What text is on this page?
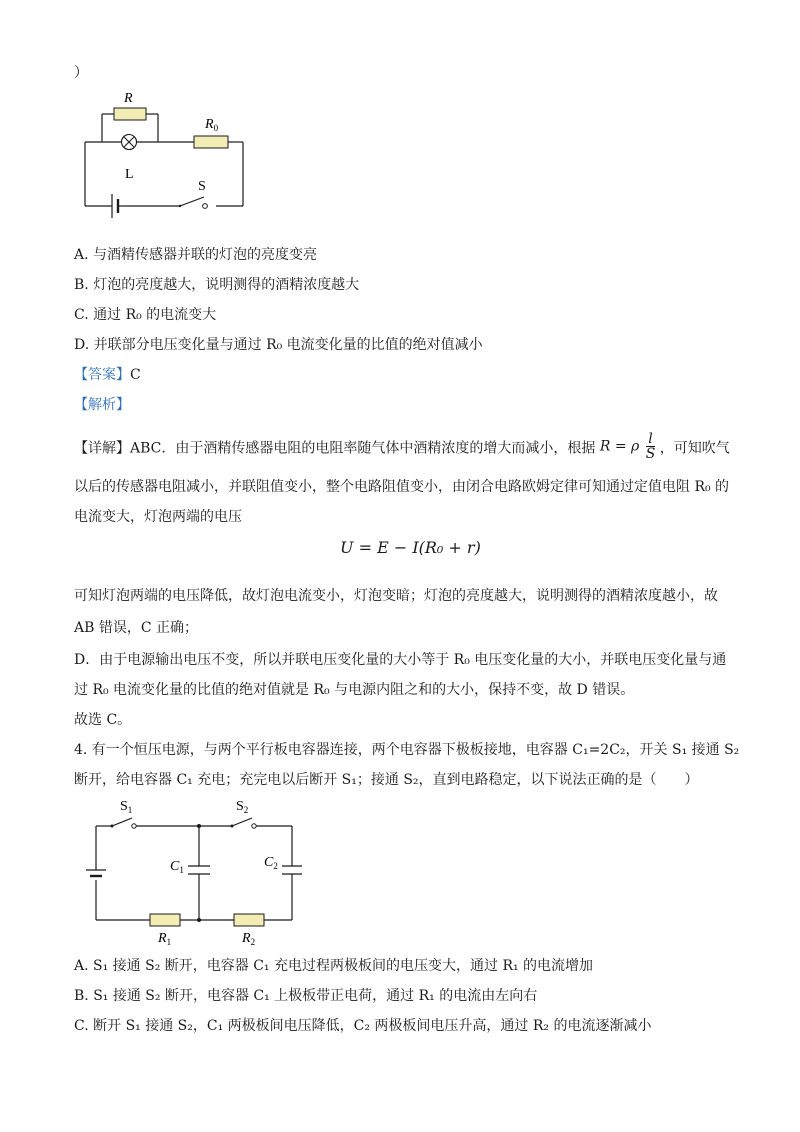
）
R
$R_0$
L
S
A. 与酒精传感器并联的灯泡的亮度变亮
B. 灯泡的亮度越大，说明测得的酒精浓度越大
C. 通过 R₀ 的电流变大
D. 并联部分电压变化量与通过 R₀ 电流变化量的比值的绝对值减小
【答案】C
【解析】
【详解】ABC．由于酒精传感器电阻的电阻率随气体中酒精浓度的增大而减小，根据 R = ρ $\frac{l}{S}$ ，可知吹气
以后的传感器电阻减小，并联阻值变小，整个电路阻值变小，由闭合电路欧姆定律可知通过定值电阻 R₀ 的
电流变大，灯泡两端的电压
U = E − I(R₀ + r)
可知灯泡两端的电压降低，故灯泡电流变小，灯泡变暗；灯泡的亮度越大，说明测得的酒精浓度越小，故
AB 错误，C 正确；
D．由于电源输出电压不变，所以并联电压变化量的大小等于 R₀ 电压变化量的大小，并联电压变化量与通
过 R₀ 电流变化量的比值的绝对值就是 R₀ 与电源内阻之和的大小，保持不变，故 D 错误。
故选 C。
4. 有一个恒压电源，与两个平行板电容器连接，两个电容器下极板接地，电容器 C₁=2C₂，开关 S₁ 接通 S₂
断开，给电容器 C₁ 充电；充完电以后断开 S₁；接通 S₂，直到电路稳定，以下说法正确的是（　　）
$S_1$	$S_2$
$C_1$	$C_2$
$R_1$	$R_2$
A. S₁ 接通 S₂ 断开，电容器 C₁ 充电过程两极板间的电压变大，通过 R₁ 的电流增加
B. S₁ 接通 S₂ 断开，电容器 C₁ 上极板带正电荷，通过 R₁ 的电流由左向右
C. 断开 S₁ 接通 S₂，C₁ 两极板间电压降低，C₂ 两极板间电压升高，通过 R₂ 的电流逐渐减小
